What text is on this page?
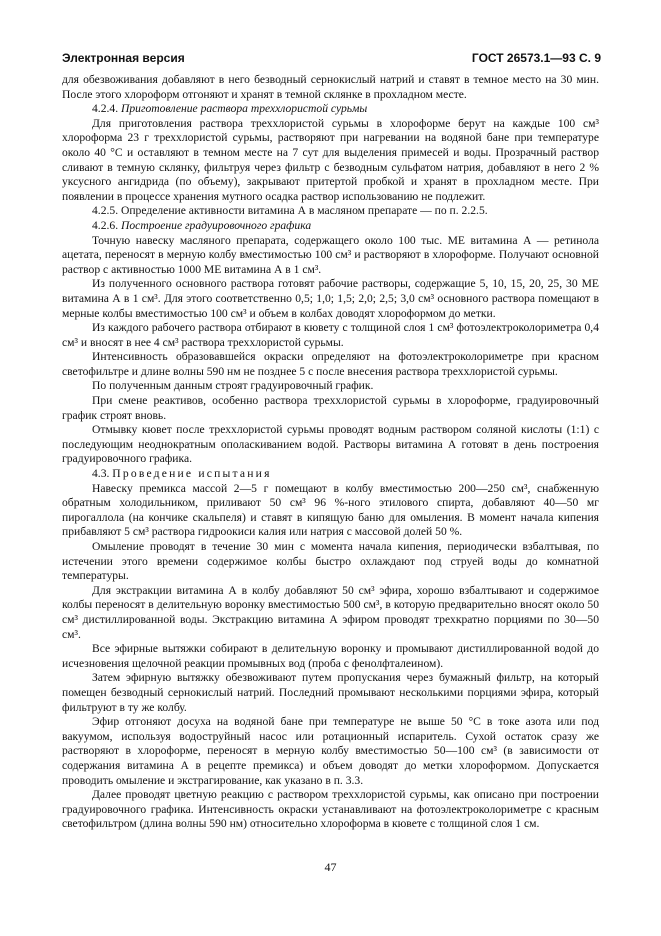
Электронная версия	ГОСТ 26573.1—93 С. 9

для обезвоживания добавляют в него безводный сернокислый натрий и ставят в темное место на 30 мин. После этого хлороформ отгоняют и хранят в темной склянке в прохладном месте.

4.2.4. Приготовление раствора треххлористой сурьмы

Для приготовления раствора треххлористой сурьмы в хлороформе берут на каждые 100 см³ хлороформа 23 г треххлористой сурьмы, растворяют при нагревании на водяной бане при температуре около 40 °С и оставляют в темном месте на 7 сут для выделения примесей и воды. Прозрачный раствор сливают в темную склянку, фильтруя через фильтр с безводным сульфатом натрия, добавляют в него 2 % уксусного ангидрида (по объему), закрывают притертой пробкой и хранят в прохладном месте. При появлении в процессе хранения мутного осадка раствор использованию не подлежит.

4.2.5. Определение активности витамина А в масляном препарате — по п. 2.2.5.

4.2.6. Построение градуировочного графика

Точную навеску масляного препарата, содержащего около 100 тыс. МЕ витамина А — ретинола ацетата, переносят в мерную колбу вместимостью 100 см³ и растворяют в хлороформе. Получают основной раствор с активностью 1000 МЕ витамина А в 1 см³.

Из полученного основного раствора готовят рабочие растворы, содержащие 5, 10, 15, 20, 25, 30 МЕ витамина А в 1 см³. Для этого соответственно 0,5; 1,0; 1,5; 2,0; 2,5; 3,0 см³ основного раствора помещают в мерные колбы вместимостью 100 см³ и объем в колбах доводят хлороформом до метки.

Из каждого рабочего раствора отбирают в кювету с толщиной слоя 1 см³ фотоэлектроколориметра 0,4 см³ и вносят в нее 4 см³ раствора треххлористой сурьмы.

Интенсивность образовавшейся окраски определяют на фотоэлектроколориметре при красном светофильтре и длине волны 590 нм не позднее 5 с после внесения раствора треххлористой сурьмы.

По полученным данным строят градуировочный график.

При смене реактивов, особенно раствора треххлористой сурьмы в хлороформе, градуировочный график строят вновь.

Отмывку кювет после треххлористой сурьмы проводят водным раствором соляной кислоты (1:1) с последующим неоднократным ополаскиванием водой. Растворы витамина А готовят в день построения градуировочного графика.

4.3. Проведение испытания

Навеску премикса массой 2—5 г помещают в колбу вместимостью 200—250 см³, снабженную обратным холодильником, приливают 50 см³ 96 %-ного этилового спирта, добавляют 40—50 мг пирогаллола (на кончике скальпеля) и ставят в кипящую баню для омыления. В момент начала кипения прибавляют 5 см³ раствора гидроокиси калия или натрия с массовой долей 50 %.

Омыление проводят в течение 30 мин с момента начала кипения, периодически взбалтывая, по истечении этого времени содержимое колбы быстро охлаждают под струей воды до комнатной температуры.

Для экстракции витамина А в колбу добавляют 50 см³ эфира, хорошо взбалтывают и содержимое колбы переносят в делительную воронку вместимостью 500 см³, в которую предварительно вносят около 50 см³ дистиллированной воды. Экстракцию витамина А эфиром проводят трехкратно порциями по 30—50 см³.

Все эфирные вытяжки собирают в делительную воронку и промывают дистиллированной водой до исчезновения щелочной реакции промывных вод (проба с фенолфталеином).

Затем эфирную вытяжку обезвоживают путем пропускания через бумажный фильтр, на который помещен безводный сернокислый натрий. Последний промывают несколькими порциями эфира, который фильтруют в ту же колбу.

Эфир отгоняют досуха на водяной бане при температуре не выше 50 °С в токе азота или под вакуумом, используя водоструйный насос или ротационный испаритель. Сухой остаток сразу же растворяют в хлороформе, переносят в мерную колбу вместимостью 50—100 см³ (в зависимости от содержания витамина А в рецепте премикса) и объем доводят до метки хлороформом. Допускается проводить омыление и экстрагирование, как указано в п. 3.3.

Далее проводят цветную реакцию с раствором треххлористой сурьмы, как описано при построении градуировочного графика. Интенсивность окраски устанавливают на фотоэлектроколориметре с красным светофильтром (длина волны 590 нм) относительно хлороформа в кювете с толщиной слоя 1 см.

47
